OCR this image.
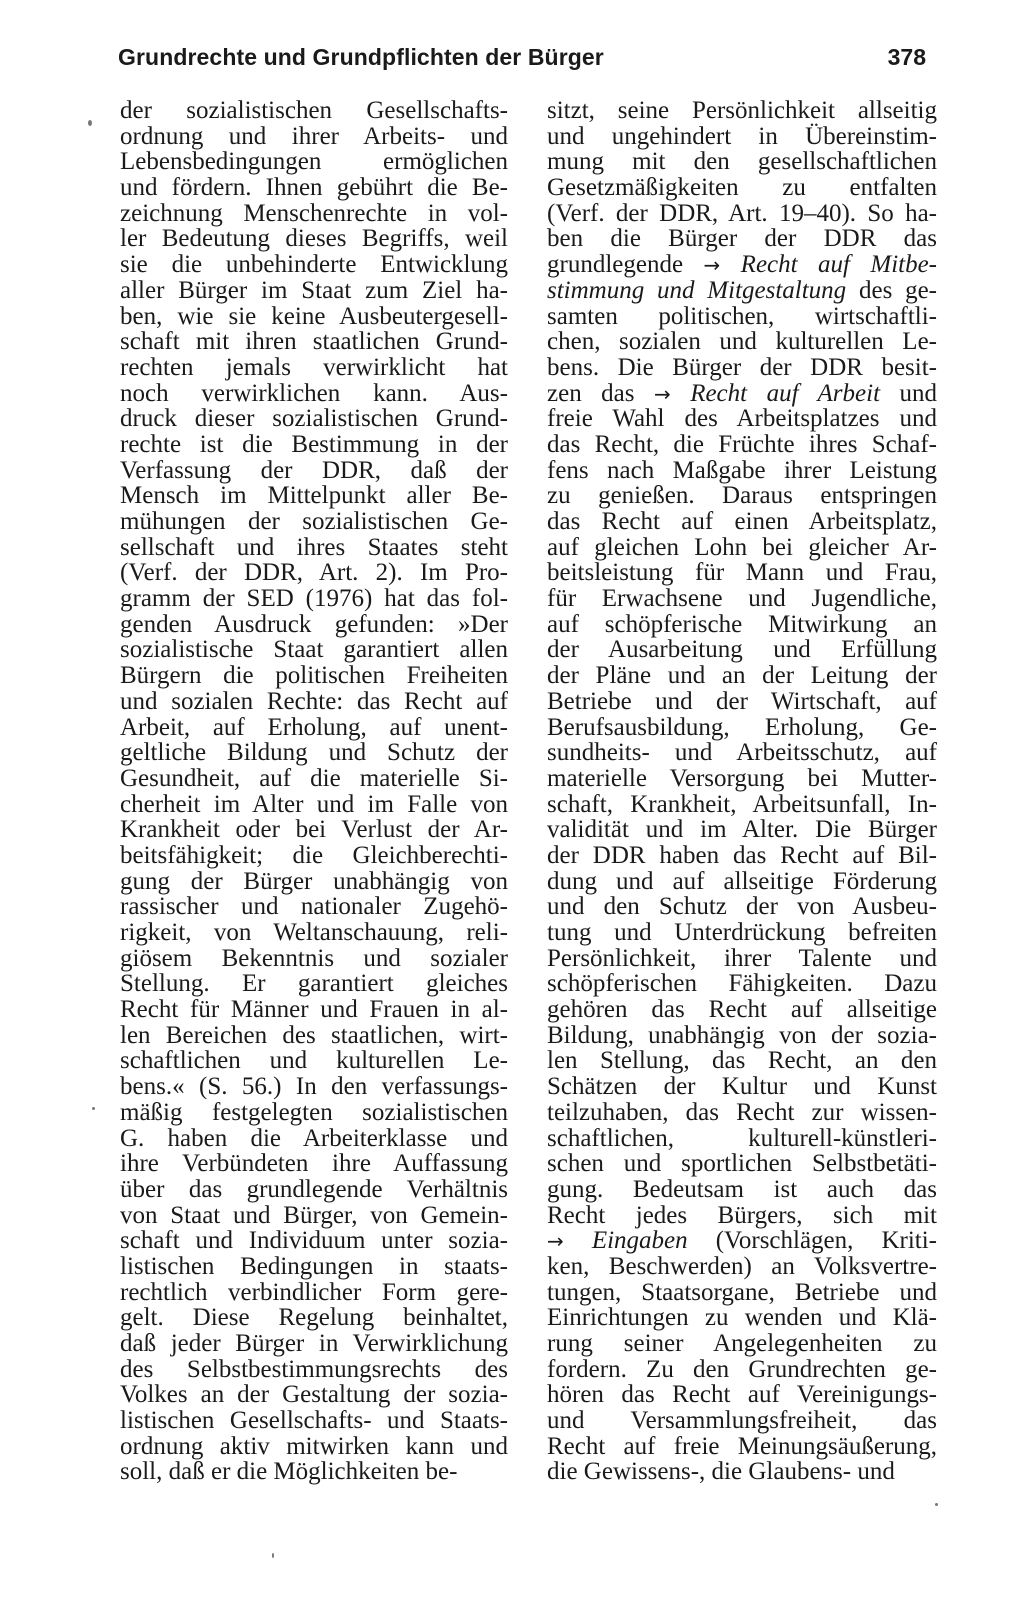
Grundrechte und Grundpflichten der Bürger	378
der sozialistischen Gesellschafts-
ordnung und ihrer Arbeits- und
Lebensbedingungen ermöglichen
und fördern. Ihnen gebührt die Be-
zeichnung Menschenrechte in vol-
ler Bedeutung dieses Begriffs, weil
sie die unbehinderte Entwicklung
aller Bürger im Staat zum Ziel ha-
ben, wie sie keine Ausbeutergesell-
schaft mit ihren staatlichen Grund-
rechten jemals verwirklicht hat
noch verwirklichen kann. Aus-
druck dieser sozialistischen Grund-
rechte ist die Bestimmung in der
Verfassung der DDR, daß der
Mensch im Mittelpunkt aller Be-
mühungen der sozialistischen Ge-
sellschaft und ihres Staates steht
(Verf. der DDR, Art. 2). Im Pro-
gramm der SED (1976) hat das fol-
genden Ausdruck gefunden: »Der
sozialistische Staat garantiert allen
Bürgern die politischen Freiheiten
und sozialen Rechte: das Recht auf
Arbeit, auf Erholung, auf unent-
geltliche Bildung und Schutz der
Gesundheit, auf die materielle Si-
cherheit im Alter und im Falle von
Krankheit oder bei Verlust der Ar-
beitsfähigkeit; die Gleichberechti-
gung der Bürger unabhängig von
rassischer und nationaler Zugehö-
rigkeit, von Weltanschauung, reli-
giösem Bekenntnis und sozialer
Stellung. Er garantiert gleiches
Recht für Männer und Frauen in al-
len Bereichen des staatlichen, wirt-
schaftlichen und kulturellen Le-
bens.« (S. 56.) In den verfassungs-
mäßig festgelegten sozialistischen
G. haben die Arbeiterklasse und
ihre Verbündeten ihre Auffassung
über das grundlegende Verhältnis
von Staat und Bürger, von Gemein-
schaft und Individuum unter sozia-
listischen Bedingungen in staats-
rechtlich verbindlicher Form gere-
gelt. Diese Regelung beinhaltet,
daß jeder Bürger in Verwirklichung
des Selbstbestimmungsrechts des
Volkes an der Gestaltung der sozia-
listischen Gesellschafts- und Staats-
ordnung aktiv mitwirken kann und
soll, daß er die Möglichkeiten be-
sitzt, seine Persönlichkeit allseitig
und ungehindert in Übereinstim-
mung mit den gesellschaftlichen
Gesetzmäßigkeiten zu entfalten
(Verf. der DDR, Art. 19–40). So ha-
ben die Bürger der DDR das
grundlegende → Recht auf Mitbe-
stimmung und Mitgestaltung des ge-
samten politischen, wirtschaftli-
chen, sozialen und kulturellen Le-
bens. Die Bürger der DDR besit-
zen das → Recht auf Arbeit und
freie Wahl des Arbeitsplatzes und
das Recht, die Früchte ihres Schaf-
fens nach Maßgabe ihrer Leistung
zu genießen. Daraus entspringen
das Recht auf einen Arbeitsplatz,
auf gleichen Lohn bei gleicher Ar-
beitsleistung für Mann und Frau,
für Erwachsene und Jugendliche,
auf schöpferische Mitwirkung an
der Ausarbeitung und Erfüllung
der Pläne und an der Leitung der
Betriebe und der Wirtschaft, auf
Berufsausbildung, Erholung, Ge-
sundheits- und Arbeitsschutz, auf
materielle Versorgung bei Mutter-
schaft, Krankheit, Arbeitsunfall, In-
validität und im Alter. Die Bürger
der DDR haben das Recht auf Bil-
dung und auf allseitige Förderung
und den Schutz der von Ausbeu-
tung und Unterdrückung befreiten
Persönlichkeit, ihrer Talente und
schöpferischen Fähigkeiten. Dazu
gehören das Recht auf allseitige
Bildung, unabhängig von der sozia-
len Stellung, das Recht, an den
Schätzen der Kultur und Kunst
teilzuhaben, das Recht zur wissen-
schaftlichen, kulturell-künstleri-
schen und sportlichen Selbstbetäti-
gung. Bedeutsam ist auch das
Recht jedes Bürgers, sich mit
→ Eingaben (Vorschlägen, Kriti-
ken, Beschwerden) an Volksvertre-
tungen, Staatsorgane, Betriebe und
Einrichtungen zu wenden und Klä-
rung seiner Angelegenheiten zu
fordern. Zu den Grundrechten ge-
hören das Recht auf Vereinigungs-
und Versammlungsfreiheit, das
Recht auf freie Meinungsäußerung,
die Gewissens-, die Glaubens- und
